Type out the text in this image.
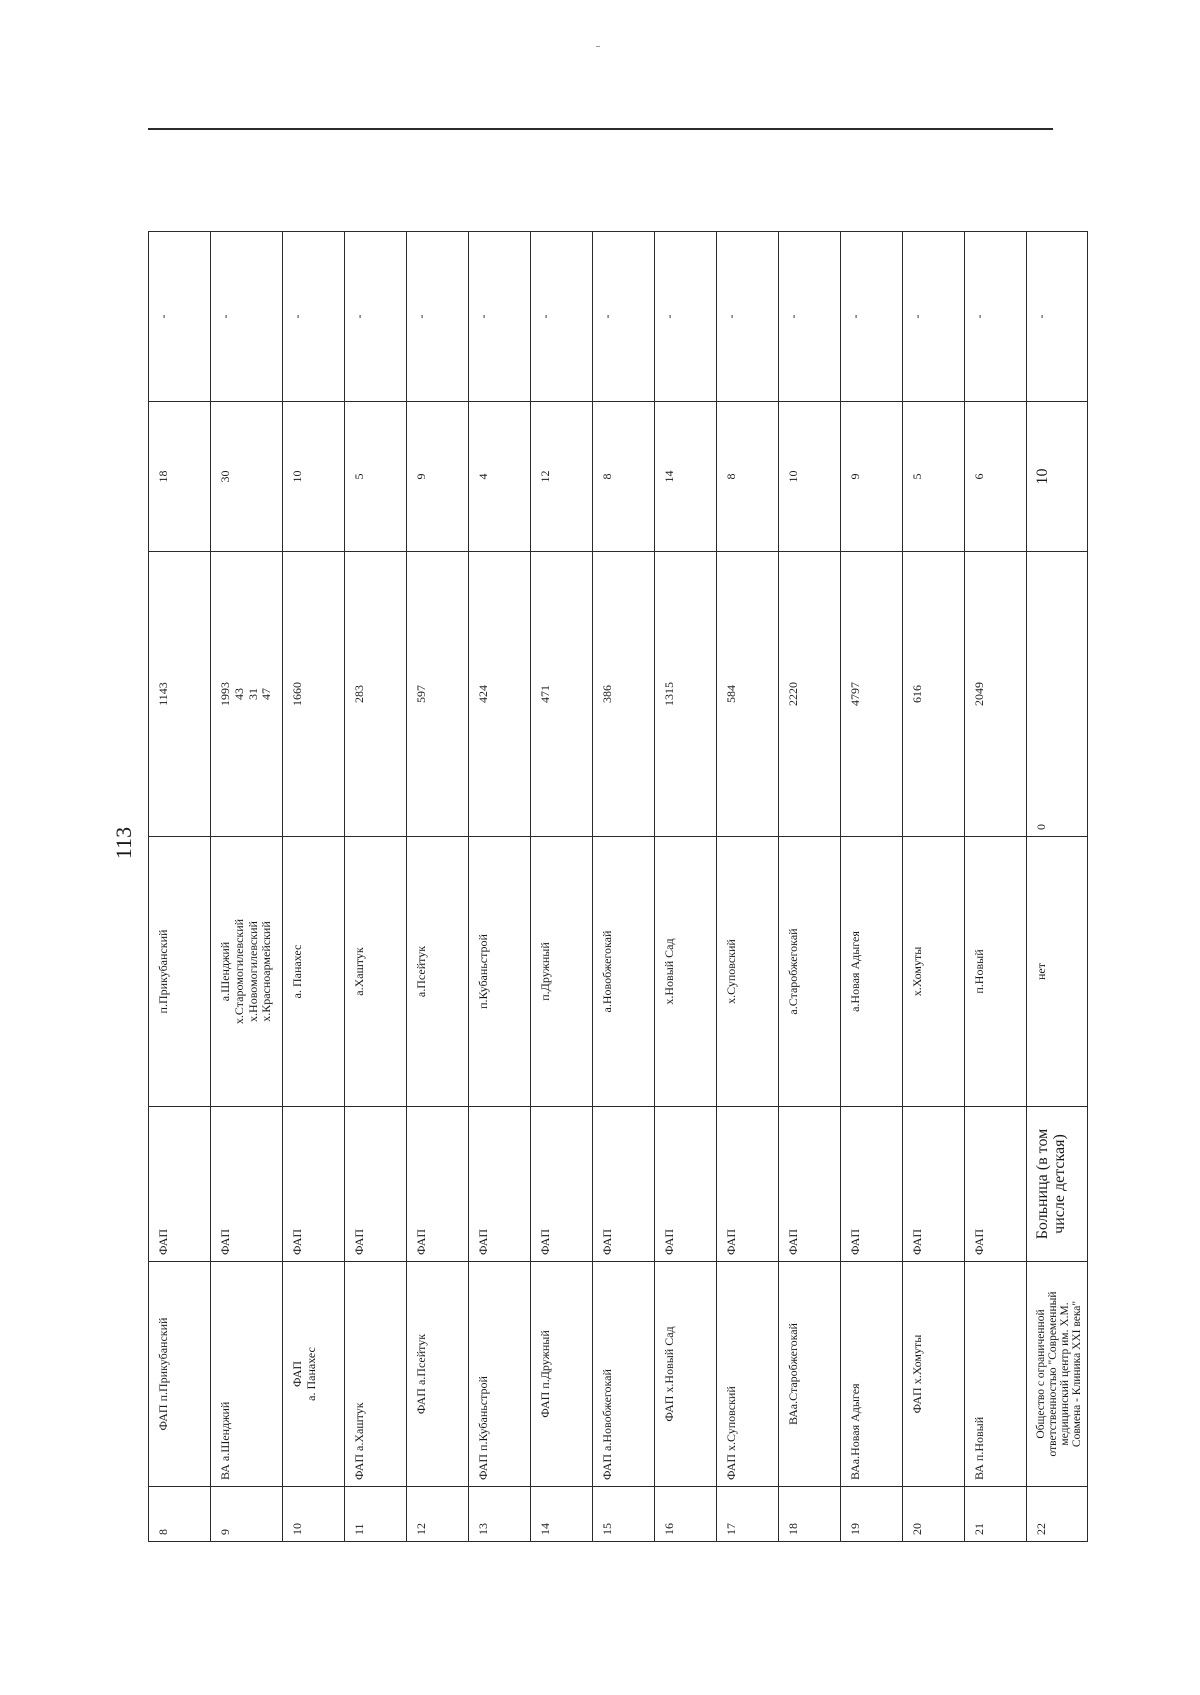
113
8	ФАП п.Прикубанский	ФАП	п.Прикубанский	1143	18	-
9	ВА а.Шенджий	ФАП	а.Шенджий х.Старомогилевский х.Новомогилевский х.Красноармейский	1993 43 31 47	30	-
10	ФАП а. Панахес	ФАП	а. Панахес	1660	10	-
11	ФАП а.Хаштук	ФАП	а.Хаштук	283	5	-
12	ФАП а.Псейтук	ФАП	а.Псейтук	597	9	-
13	ФАП п.Кубаньстрой	ФАП	п.Кубаньстрой	424	4	-
14	ФАП п.Дружный	ФАП	п.Дружный	471	12	-
15	ФАП а.Новобжегокай	ФАП	а.Новобжегокай	386	8	-
16	ФАП х.Новый Сад	ФАП	х.Новый Сад	1315	14	-
17	ФАП х.Суповский	ФАП	х.Суповский	584	8	-
18	ВАа.Старобжегокай	ФАП	а.Старобжегокай	2220	10	-
19	ВАа.Новая Адыгея	ФАП	а.Новая Адыгея	4797	9	-
20	ФАП х.Хомуты	ФАП	х.Хомуты	616	5	-
21	ВА п.Новый	ФАП	п.Новый	2049	6	-
22	Общество с ограниченной ответственностью "Современный медицинский центр им. Х.М. Совмена - Клиника XXI века"	Больница (в том числе детская)	нет	0	10	-
